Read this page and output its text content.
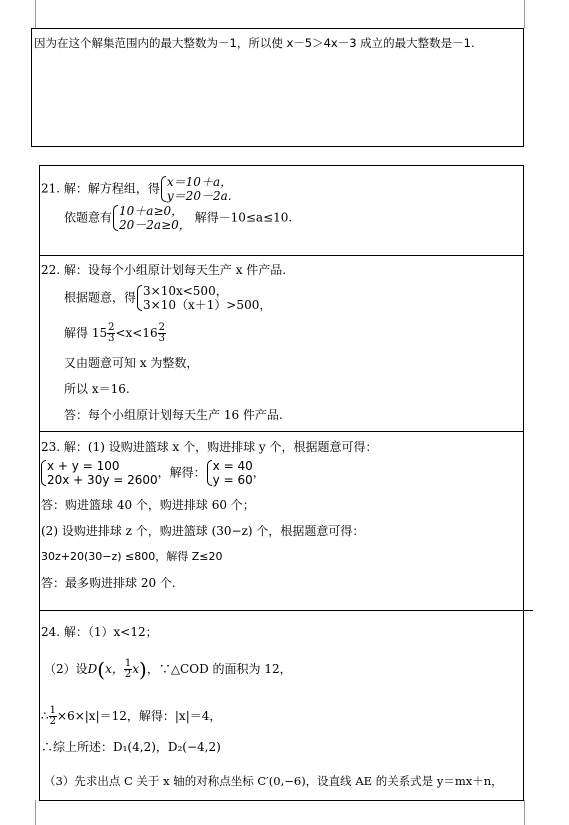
因为在这个解集范围内的最大整数为－1，所以使 x－5＞4x－3 成立的最大整数是－1.
21. 解：解方程组，得 x＝10＋a，
y＝20－2a.
依题意有 10＋a≥0，
20－2a≥0，
解得－10≤a≤10.
22. 解：设每个小组原计划每天生产 x 件产品.
根据题意，得 3×10x<500，
3×10（x＋1）>500，
解得 $15 \frac{2}{3} <x<16 \frac{2}{3}$
又由题意可知 x 为整数，
所以 x＝16.
答：每个小组原计划每天生产 16 件产品.
23. 解：(1) 设购进篮球 x 个，购进排球 y 个，根据题意可得：
x + y = 100
20x + 30y = 2600
，解得： x = 40
y = 60
，
答：购进篮球 40 个，购进排球 60 个；
(2) 设购进排球 z 个，购进篮球 (30−z) 个，根据题意可得：
30z+20(30−z) ≤800，解得 Z≤20
答：最多购进排球 20 个.
24. 解：（1）x<12；
（2）设D(x， $\frac{1}{2} x$)，∵△COD 的面积为 12，
∴ $\frac{1}{2} \times 6\times|x|=12$，解得：|x|＝4，
∴综上所述：D₁(4,2)，D₂(−4,2)
（3）先求出点 C 关于 x 轴的对称点坐标 C′(0,−6)，设直线 AE 的关系式是 y＝mx＋n，
